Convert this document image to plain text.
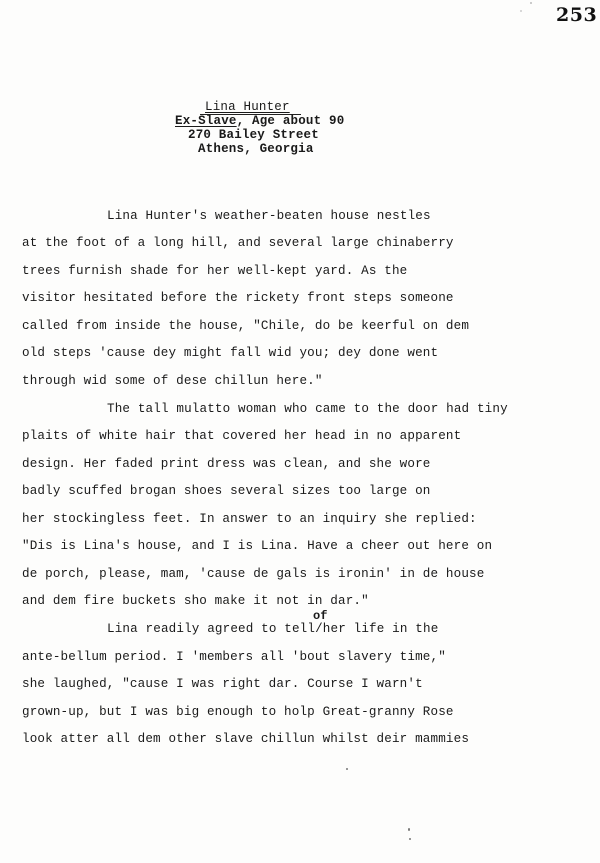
253
Lina Hunter
Ex-Slave, Age about 90
270 Bailey Street
Athens, Georgia
Lina Hunter's weather-beaten house nestles
at the foot of a long hill, and several large chinaberry
trees furnish shade for her well-kept yard. As the
visitor hesitated before the rickety front steps someone
called from inside the house, "Chile, do be keerful on dem
old steps 'cause dey might fall wid you; dey done went
through wid some of dese chillun here."
The tall mulatto woman who came to the door had tiny
plaits of white hair that covered her head in no apparent
design. Her faded print dress was clean, and she wore
badly scuffed brogan shoes several sizes too large on
her stockingless feet. In answer to an inquiry she replied:
"Dis is Lina's house, and I is Lina. Have a cheer out here on
de porch, please, mam, 'cause de gals is ironin' in de house
and dem fire buckets sho make it not in dar."
of
Lina readily agreed to tell/her life in the
ante-bellum period. I 'members all 'bout slavery time,"
she laughed, "cause I was right dar. Course I warn't
grown-up, but I was big enough to holp Great-granny Rose
look atter all dem other slave chillun whilst deir mammies
